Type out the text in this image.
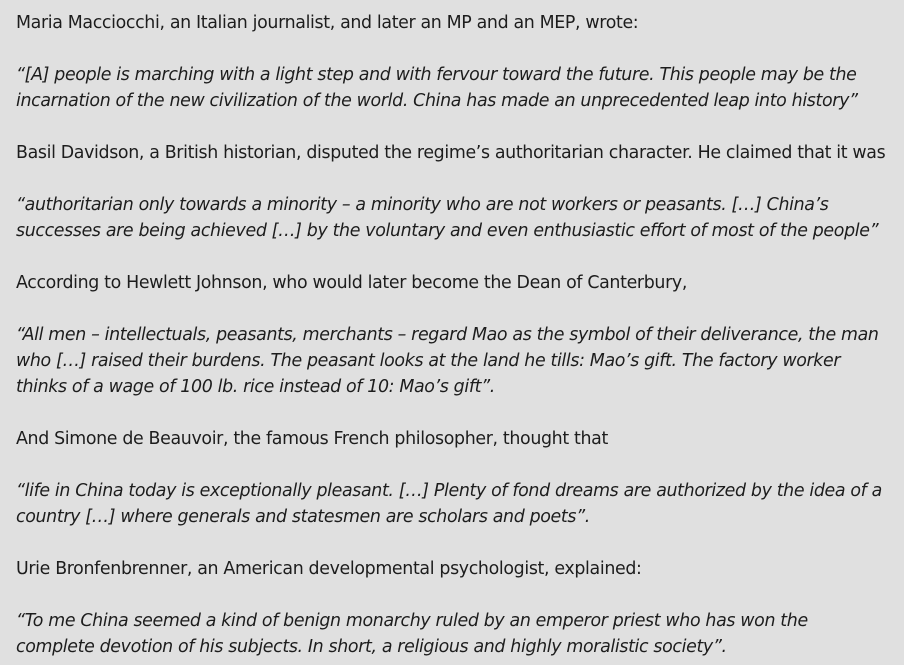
Maria Macciocchi, an Italian journalist, and later an MP and an MEP, wrote:

“[A] people is marching with a light step and with fervour toward the future. This people may be the incarnation of the new civilization of the world. China has made an unprecedented leap into history”

Basil Davidson, a British historian, disputed the regime’s authoritarian character. He claimed that it was

“authoritarian only towards a minority – a minority who are not workers or peasants. […] China’s successes are being achieved […] by the voluntary and even enthusiastic effort of most of the people”

According to Hewlett Johnson, who would later become the Dean of Canterbury,

“All men – intellectuals, peasants, merchants – regard Mao as the symbol of their deliverance, the man who […] raised their burdens. The peasant looks at the land he tills: Mao’s gift. The factory worker thinks of a wage of 100 lb. rice instead of 10: Mao’s gift”.

And Simone de Beauvoir, the famous French philosopher, thought that

“life in China today is exceptionally pleasant. […] Plenty of fond dreams are authorized by the idea of a country […] where generals and statesmen are scholars and poets”.

Urie Bronfenbrenner, an American developmental psychologist, explained:

“To me China seemed a kind of benign monarchy ruled by an emperor priest who has won the complete devotion of his subjects. In short, a religious and highly moralistic society”.
